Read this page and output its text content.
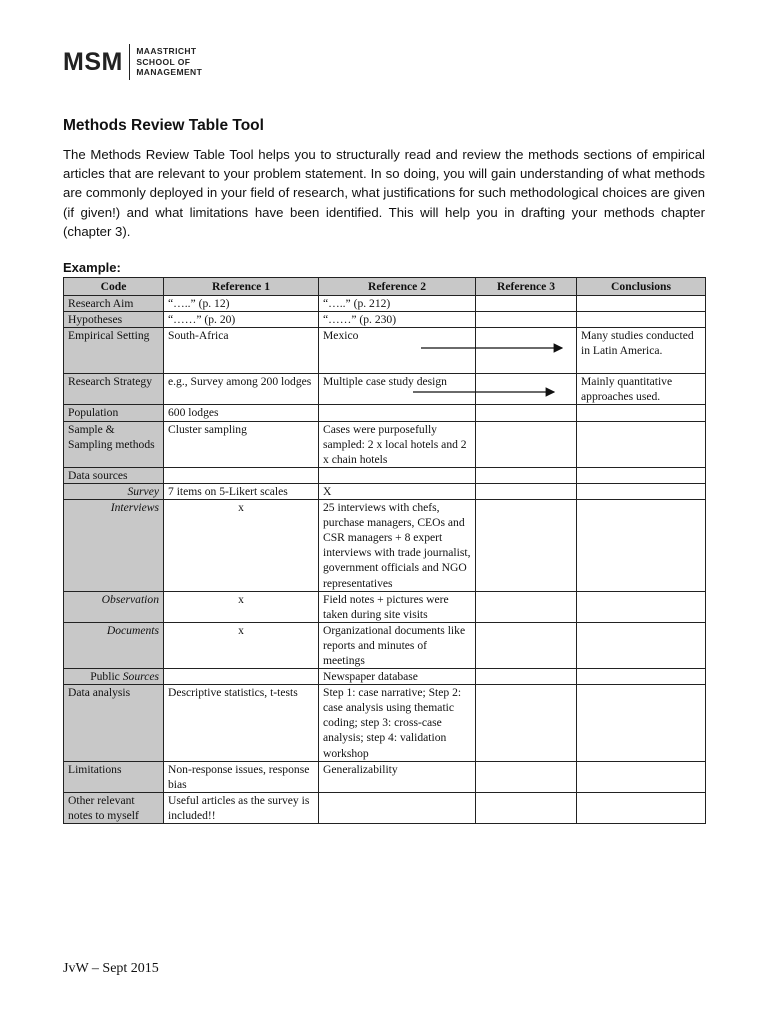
MSM MAASTRICHT
SCHOOL OF
MANAGEMENT
Methods Review Table Tool
The Methods Review Table Tool helps you to structurally read and review the methods sections of empirical articles that are relevant to your problem statement. In so doing, you will gain understanding of what methods are commonly deployed in your field of research, what justifications for such methodological choices are given (if given!) and what limitations have been identified. This will help you in drafting your methods chapter (chapter 3).
Example:
Code	Reference 1	Reference 2	Reference 3	Conclusions
Research Aim	“…..” (p. 12)	“…..” (p. 212)		
Hypotheses	“……” (p. 20)	“……” (p. 230)		
Empirical Setting	South-Africa	Mexico		Many studies conducted in Latin America.
Research Strategy	e.g., Survey among 200 lodges	Multiple case study design		Mainly quantitative approaches used.
Population	600 lodges			
Sample & Sampling methods	Cluster sampling	Cases were purposefully sampled: 2 x local hotels and 2 x chain hotels		
Data sources				
Survey	7 items on 5-Likert scales	X		
Interviews	x	25 interviews with chefs, purchase managers, CEOs and CSR managers + 8 expert interviews with trade journalist, government officials and NGO representatives		
Observation	x	Field notes + pictures were taken during site visits		
Documents	x	Organizational documents like reports and minutes of meetings		
Public Sources		Newspaper database		
Data analysis	Descriptive statistics, t-tests	Step 1: case narrative; Step 2: case analysis using thematic coding; step 3: cross-case analysis; step 4: validation workshop		
Limitations	Non-response issues, response bias	Generalizability		
Other relevant notes to myself	Useful articles as the survey is included!!			
JvW – Sept 2015
